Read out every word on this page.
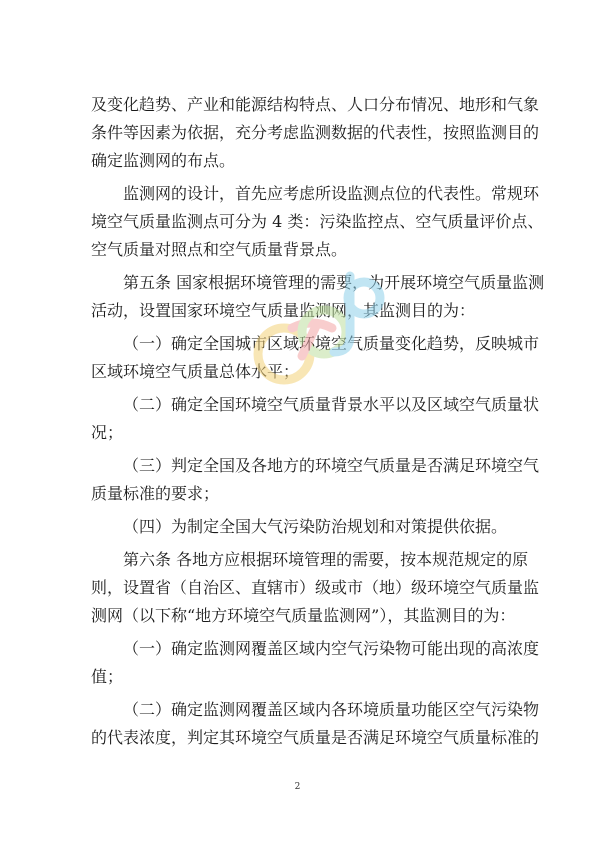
及变化趋势、产业和能源结构特点、人口分布情况、地形和气象
条件等因素为依据，充分考虑监测数据的代表性，按照监测目的
确定监测网的布点。
监测网的设计，首先应考虑所设监测点位的代表性。常规环
境空气质量监测点可分为 4 类：污染监控点、空气质量评价点、
空气质量对照点和空气质量背景点。
第五条 国家根据环境管理的需要，为开展环境空气质量监测
活动，设置国家环境空气质量监测网，其监测目的为：
（一）确定全国城市区域环境空气质量变化趋势，反映城市
区域环境空气质量总体水平；
（二）确定全国环境空气质量背景水平以及区域空气质量状
况；
（三）判定全国及各地方的环境空气质量是否满足环境空气
质量标准的要求；
（四）为制定全国大气污染防治规划和对策提供依据。
第六条 各地方应根据环境管理的需要，按本规范规定的原
则，设置省（自治区、直辖市）级或市（地）级环境空气质量监
测网（以下称“地方环境空气质量监测网”），其监测目的为：
（一）确定监测网覆盖区域内空气污染物可能出现的高浓度
值；
（二）确定监测网覆盖区域内各环境质量功能区空气污染物
的代表浓度，判定其环境空气质量是否满足环境空气质量标准的
2
